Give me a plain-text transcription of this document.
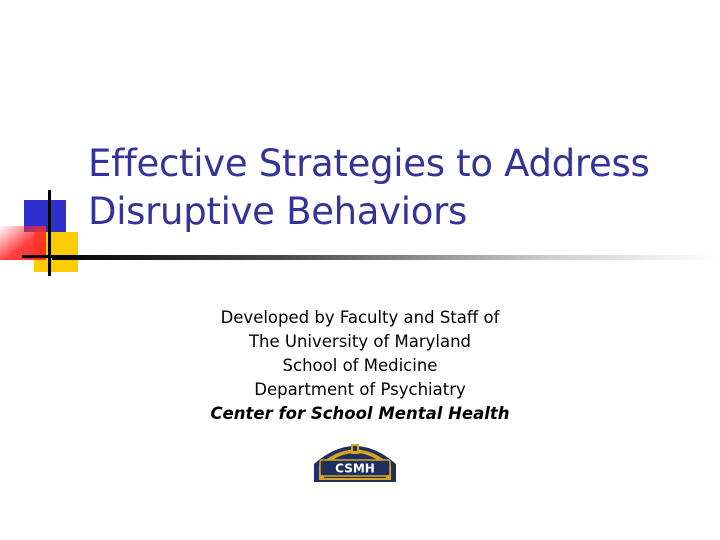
Effective Strategies to Address
Disruptive Behaviors
Developed by Faculty and Staff of
The University of Maryland
School of Medicine
Department of Psychiatry
Center for School Mental Health
CSMH
